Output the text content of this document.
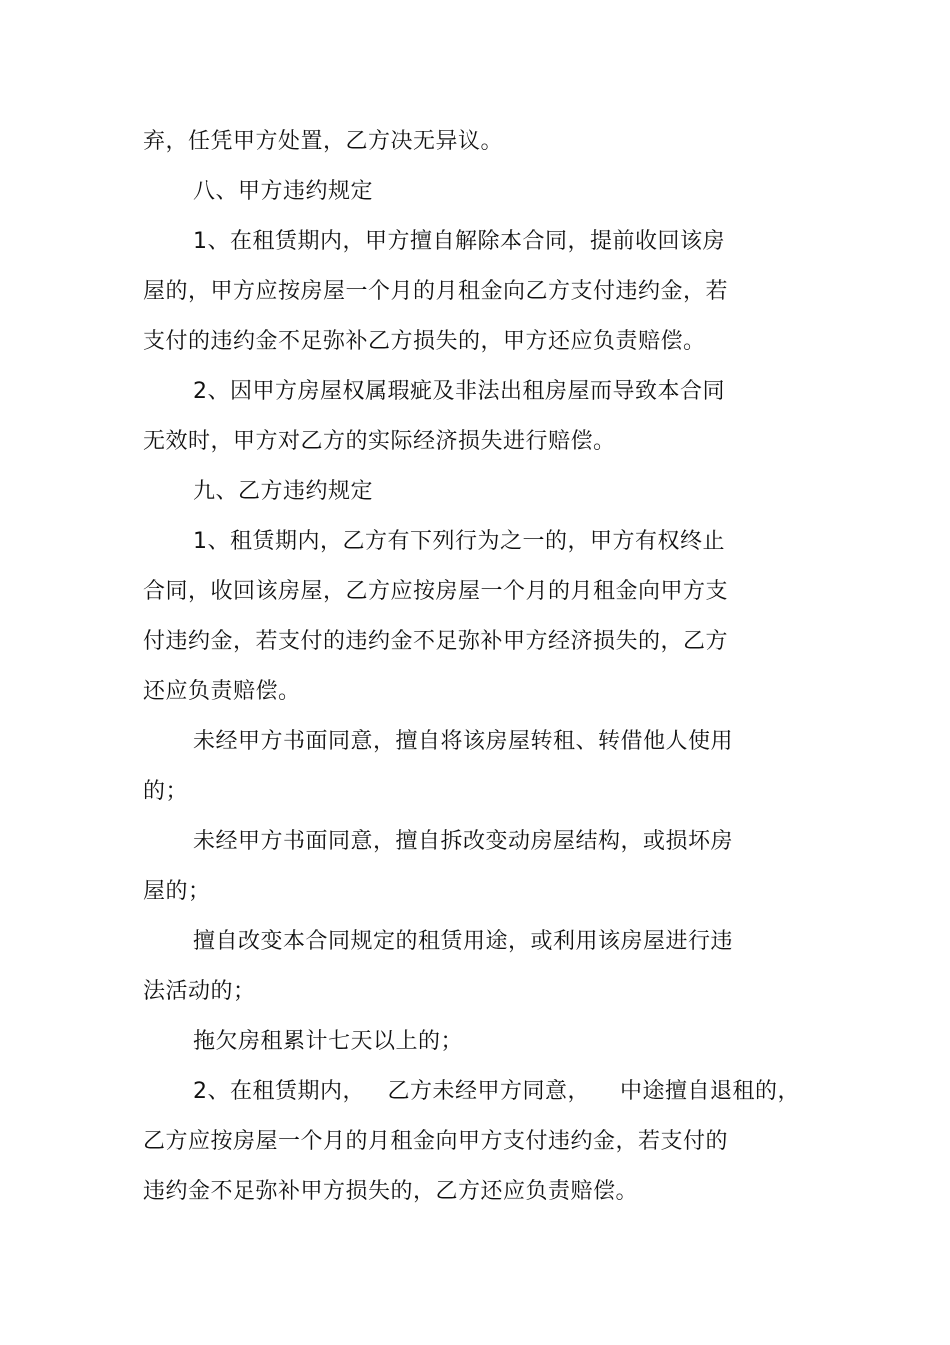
弃，任凭甲方处置，乙方决无异议。
八、甲方违约规定
1、在租赁期内，甲方擅自解除本合同，提前收回该房
屋的，甲方应按房屋一个月的月租金向乙方支付违约金，若
支付的违约金不足弥补乙方损失的，甲方还应负责赔偿。
2、因甲方房屋权属瑕疵及非法出租房屋而导致本合同
无效时，甲方对乙方的实际经济损失进行赔偿。
九、乙方违约规定
1、租赁期内，乙方有下列行为之一的，甲方有权终止
合同，收回该房屋，乙方应按房屋一个月的月租金向甲方支
付违约金，若支付的违约金不足弥补甲方经济损失的，乙方
还应负责赔偿。
未经甲方书面同意，擅自将该房屋转租、转借他人使用
的；
未经甲方书面同意，擅自拆改变动房屋结构，或损坏房
屋的；
擅自改变本合同规定的租赁用途，或利用该房屋进行违
法活动的；
拖欠房租累计七天以上的；
2、在租赁期内，   乙方未经甲方同意，    中途擅自退租的，
乙方应按房屋一个月的月租金向甲方支付违约金，若支付的
违约金不足弥补甲方损失的，乙方还应负责赔偿。
